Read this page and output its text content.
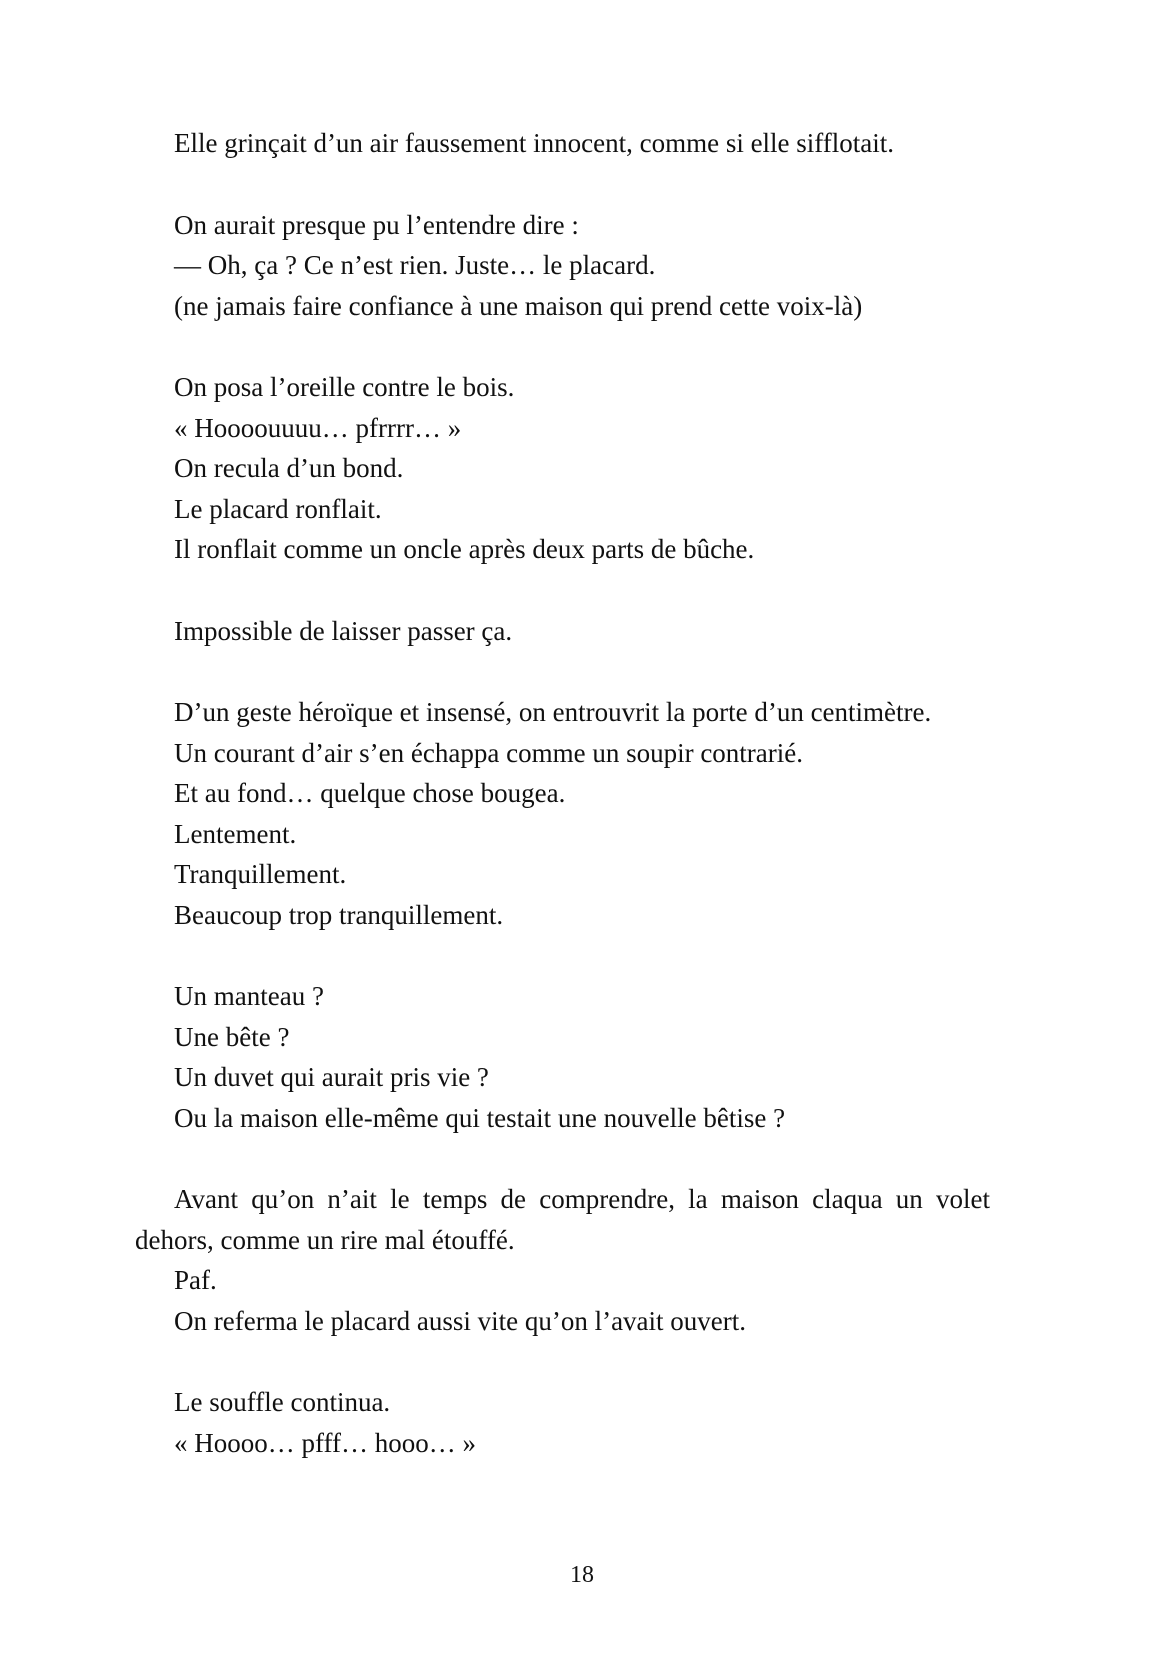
Elle grinçait d’un air faussement innocent, comme si elle sifflotait.
On aurait presque pu l’entendre dire :
— Oh, ça ? Ce n’est rien. Juste… le placard.
(ne jamais faire confiance à une maison qui prend cette voix-là)
On posa l’oreille contre le bois.
« Hoooouuuu… pfrrrr… »
On recula d’un bond.
Le placard ronflait.
Il ronflait comme un oncle après deux parts de bûche.
Impossible de laisser passer ça.
D’un geste héroïque et insensé, on entrouvrit la porte d’un centimètre.
Un courant d’air s’en échappa comme un soupir contrarié.
Et au fond… quelque chose bougea.
Lentement.
Tranquillement.
Beaucoup trop tranquillement.
Un manteau ?
Une bête ?
Un duvet qui aurait pris vie ?
Ou la maison elle-même qui testait une nouvelle bêtise ?
Avant qu’on n’ait le temps de comprendre, la maison claqua un volet dehors, comme un rire mal étouffé.
Paf.
On referma le placard aussi vite qu’on l’avait ouvert.
Le souffle continua.
« Hoooo… pfff… hooo… »
18
